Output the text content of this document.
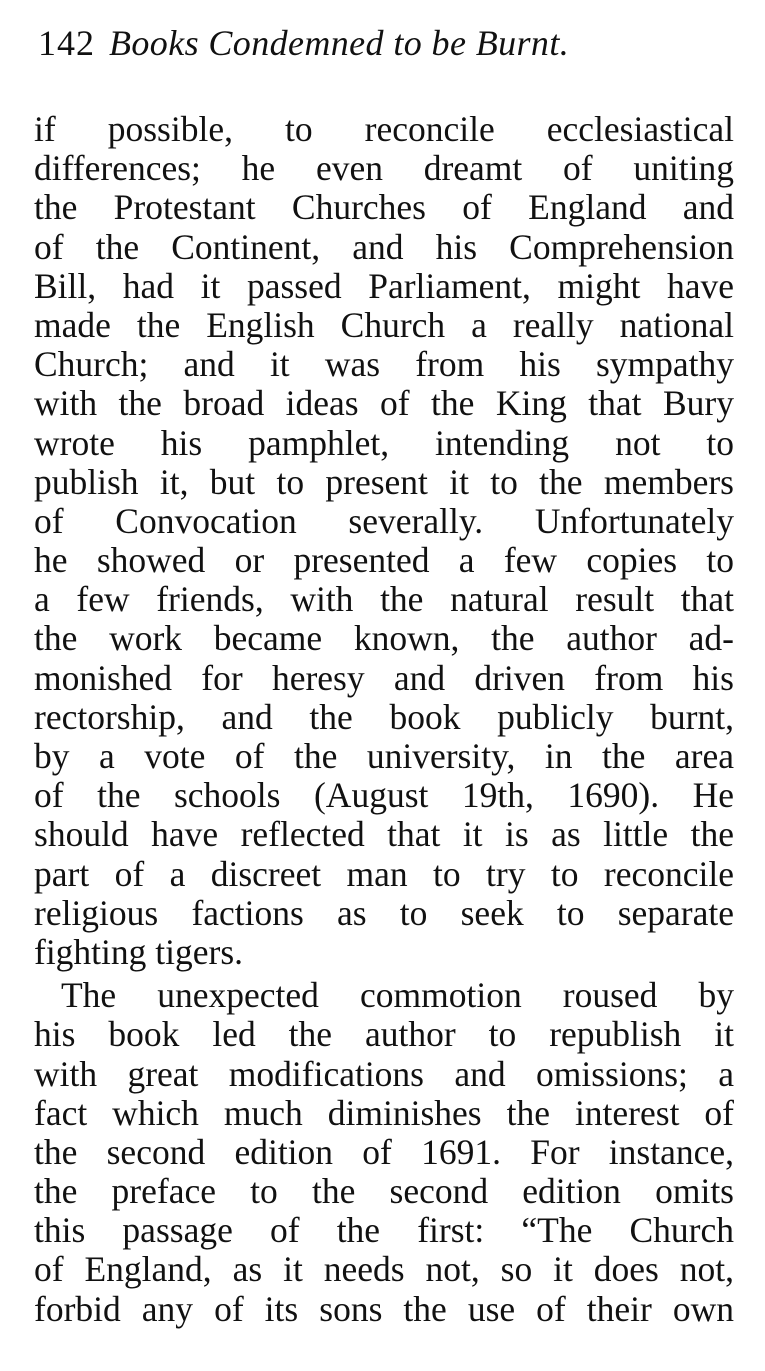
142 Books Condemned to be Burnt.
if possible, to reconcile ecclesiastical
differences; he even dreamt of uniting
the Protestant Churches of England and
of the Continent, and his Comprehension
Bill, had it passed Parliament, might have
made the English Church a really national
Church; and it was from his sympathy
with the broad ideas of the King that Bury
wrote his pamphlet, intending not to
publish it, but to present it to the members
of Convocation severally. Unfortunately
he showed or presented a few copies to
a few friends, with the natural result that
the work became known, the author ad-
monished for heresy and driven from his
rectorship, and the book publicly burnt,
by a vote of the university, in the area
of the schools (August 19th, 1690). He
should have reflected that it is as little the
part of a discreet man to try to reconcile
religious factions as to seek to separate
fighting tigers.
The unexpected commotion roused by
his book led the author to republish it
with great modifications and omissions; a
fact which much diminishes the interest of
the second edition of 1691. For instance,
the preface to the second edition omits
this passage of the first: “The Church
of England, as it needs not, so it does not,
forbid any of its sons the use of their own
